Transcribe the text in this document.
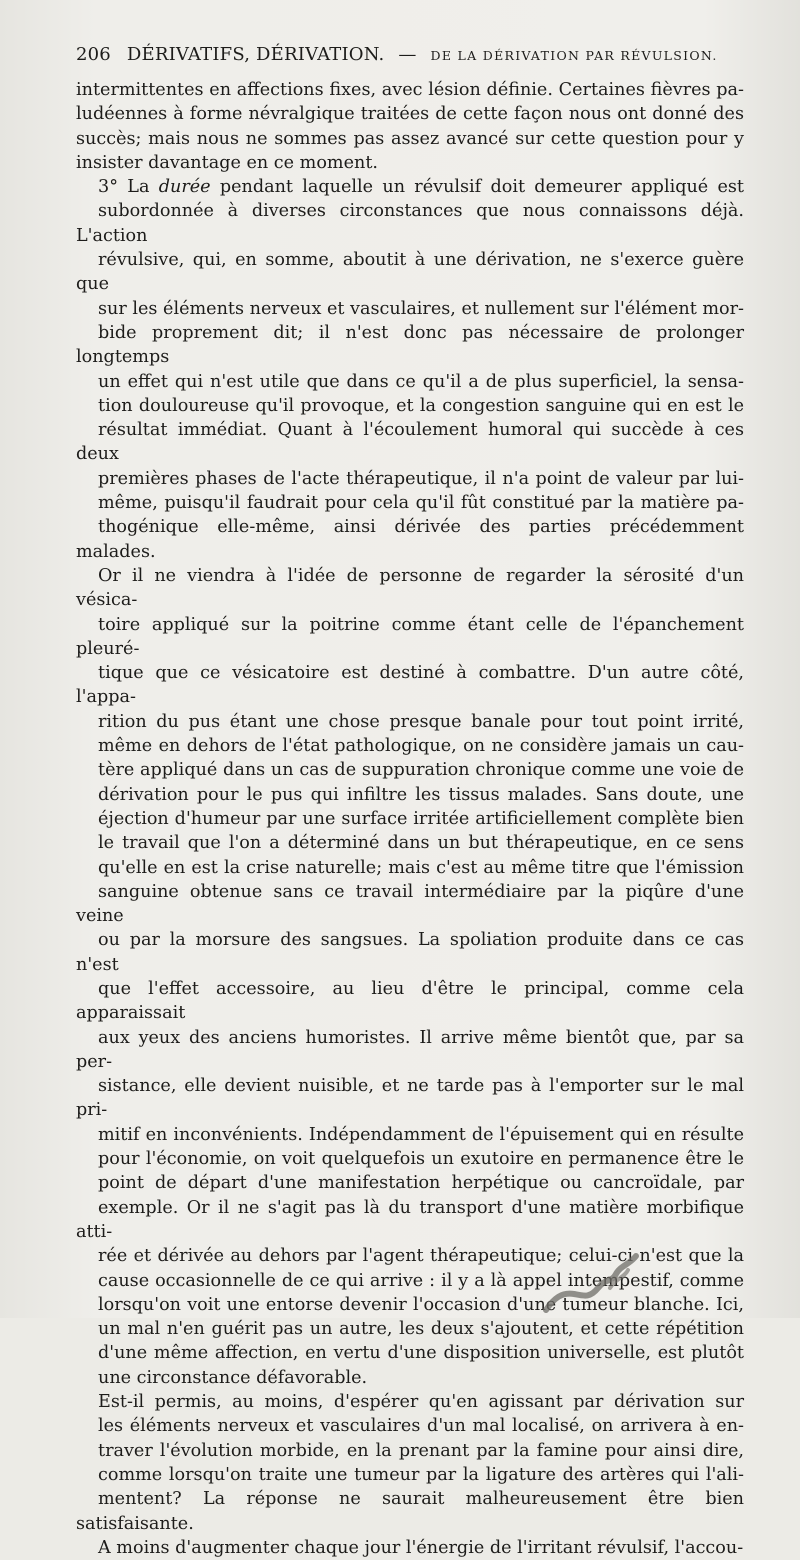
206 DÉRIVATIFS, DÉRIVATION. — DE LA DÉRIVATION PAR RÉVULSION.

intermittentes en affections fixes, avec lésion définie. Certaines fièvres pa-
ludéennes à forme névralgique traitées de cette façon nous ont donné des
succès; mais nous ne sommes pas assez avancé sur cette question pour y
insister davantage en ce moment.

3° La durée pendant laquelle un révulsif doit demeurer appliqué est
subordonnée à diverses circonstances que nous connaissons déjà. L'action
révulsive, qui, en somme, aboutit à une dérivation, ne s'exerce guère que
sur les éléments nerveux et vasculaires, et nullement sur l'élément mor-
bide proprement dit; il n'est donc pas nécessaire de prolonger longtemps
un effet qui n'est utile que dans ce qu'il a de plus superficiel, la sensa-
tion douloureuse qu'il provoque, et la congestion sanguine qui en est le
résultat immédiat. Quant à l'écoulement humoral qui succède à ces deux
premières phases de l'acte thérapeutique, il n'a point de valeur par lui-
même, puisqu'il faudrait pour cela qu'il fût constitué par la matière pa-
thogénique elle-même, ainsi dérivée des parties précédemment malades.
Or il ne viendra à l'idée de personne de regarder la sérosité d'un vésica-
toire appliqué sur la poitrine comme étant celle de l'épanchement pleuré-
tique que ce vésicatoire est destiné à combattre. D'un autre côté, l'appa-
rition du pus étant une chose presque banale pour tout point irrité,
même en dehors de l'état pathologique, on ne considère jamais un cau-
tère appliqué dans un cas de suppuration chronique comme une voie de
dérivation pour le pus qui infiltre les tissus malades. Sans doute, une
éjection d'humeur par une surface irritée artificiellement complète bien
le travail que l'on a déterminé dans un but thérapeutique, en ce sens
qu'elle en est la crise naturelle; mais c'est au même titre que l'émission
sanguine obtenue sans ce travail intermédiaire par la piqûre d'une veine
ou par la morsure des sangsues. La spoliation produite dans ce cas n'est
que l'effet accessoire, au lieu d'être le principal, comme cela apparaissait
aux yeux des anciens humoristes. Il arrive même bientôt que, par sa per-
sistance, elle devient nuisible, et ne tarde pas à l'emporter sur le mal pri-
mitif en inconvénients. Indépendamment de l'épuisement qui en résulte
pour l'économie, on voit quelquefois un exutoire en permanence être le
point de départ d'une manifestation herpétique ou cancroïdale, par
exemple. Or il ne s'agit pas là du transport d'une matière morbifique atti-
rée et dérivée au dehors par l'agent thérapeutique; celui-ci n'est que la
cause occasionnelle de ce qui arrive : il y a là appel intempestif, comme
lorsqu'on voit une entorse devenir l'occasion d'une tumeur blanche. Ici,
un mal n'en guérit pas un autre, les deux s'ajoutent, et cette répétition
d'une même affection, en vertu d'une disposition universelle, est plutôt
une circonstance défavorable.

Est-il permis, au moins, d'espérer qu'en agissant par dérivation sur
les éléments nerveux et vasculaires d'un mal localisé, on arrivera à en-
traver l'évolution morbide, en la prenant par la famine pour ainsi dire,
comme lorsqu'on traite une tumeur par la ligature des artères qui l'ali-
mentent? La réponse ne saurait malheureusement être bien satisfaisante.
A moins d'augmenter chaque jour l'énergie de l'irritant révulsif, l'accou-
